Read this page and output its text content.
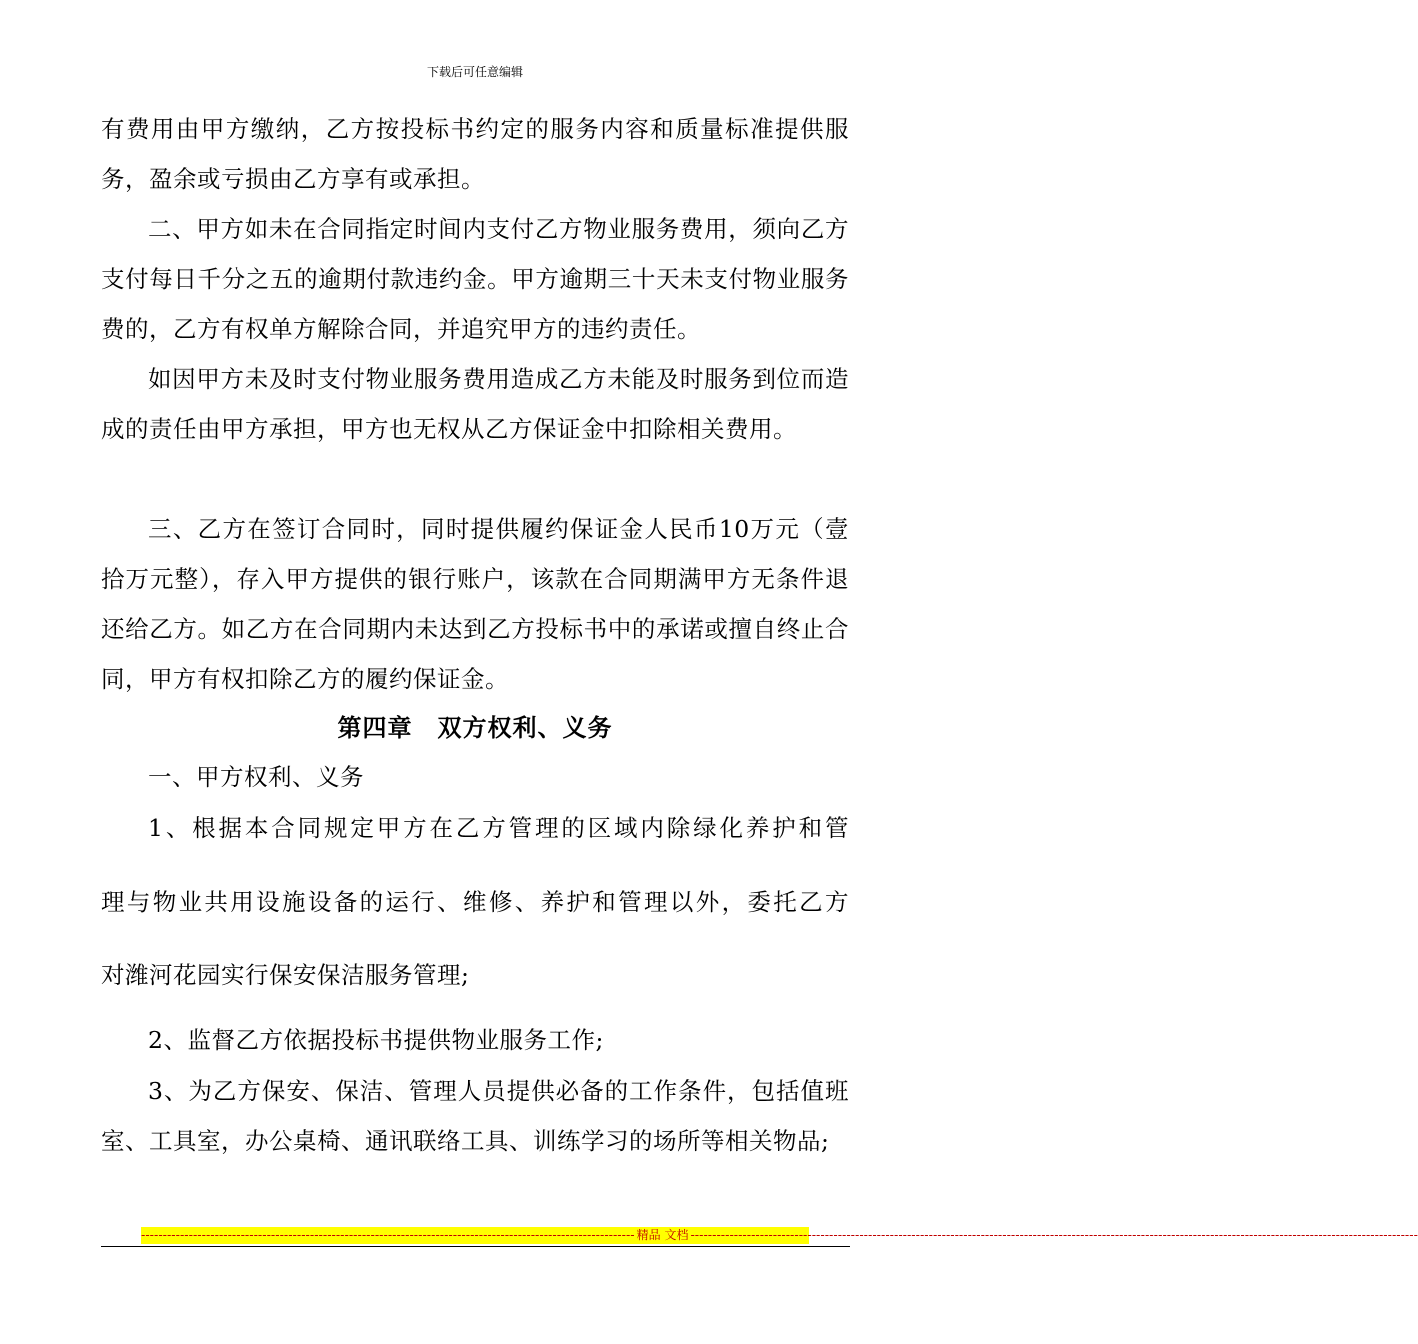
下载后可任意编辑

有费用由甲方缴纳，乙方按投标书约定的服务内容和质量标准提供服务，盈余或亏损由乙方享有或承担。

二、甲方如未在合同指定时间内支付乙方物业服务费用，须向乙方支付每日千分之五的逾期付款违约金。甲方逾期三十天未支付物业服务费的，乙方有权单方解除合同，并追究甲方的违约责任。

如因甲方未及时支付物业服务费用造成乙方未能及时服务到位而造成的责任由甲方承担，甲方也无权从乙方保证金中扣除相关费用。

三、乙方在签订合同时，同时提供履约保证金人民币10万元（壹拾万元整），存入甲方提供的银行账户，该款在合同期满甲方无条件退还给乙方。如乙方在合同期内未达到乙方投标书中的承诺或擅自终止合同，甲方有权扣除乙方的履约保证金。

第四章　双方权利、义务

一、甲方权利、义务

1、根据本合同规定甲方在乙方管理的区域内除绿化养护和管

理与物业共用设施设备的运行、维修、养护和管理以外，委托乙方

对潍河花园实行保安保洁服务管理;

2、监督乙方依据投标书提供物业服务工作;

3、为乙方保安、保洁、管理人员提供必备的工作条件，包括值班室、工具室，办公桌椅、通讯联络工具、训练学习的场所等相关物品;

------------------------------------------------------------------------------------------------------------------ 精品 文档 ------------------------------------------------------------------------------------------------------------------------------------------------------------------------
